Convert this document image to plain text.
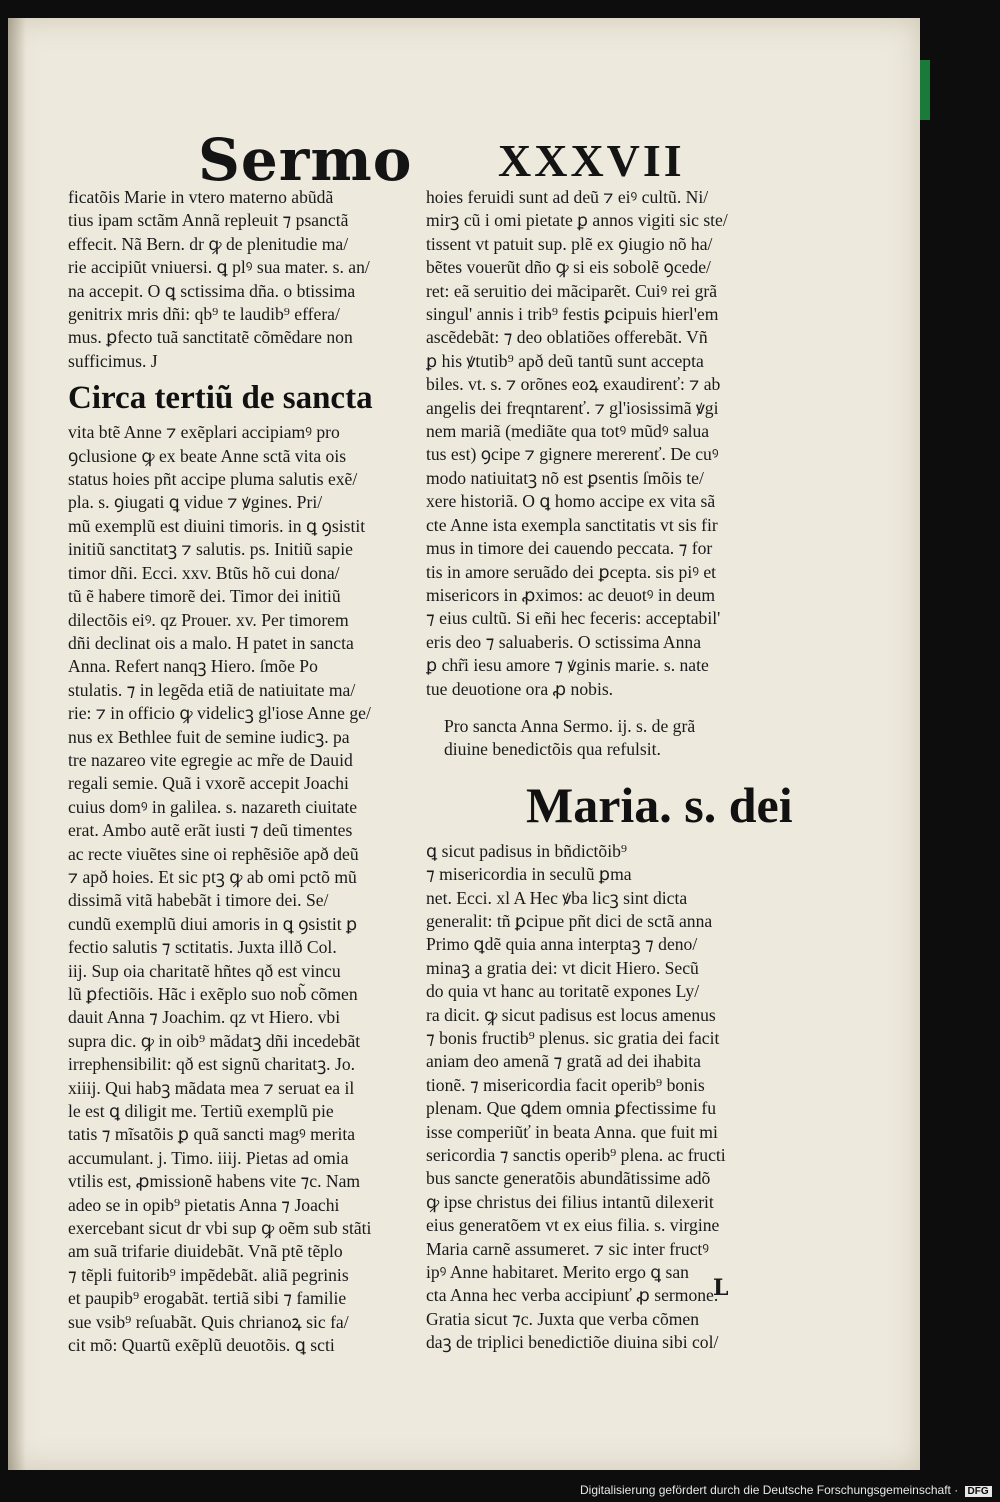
Sermo XXXVII
ficatõis Marie in vtero materno abũdã
tius ipam sctãm Annã repleuit ⁊ psanctã
effecit. Nã Bern. dr ꝙ de plenitudie ma/
rie accipiũt vniuersi. ꝗ plꝰ sua mater. s. an/
na accepit. O ꝗ sctissima dña. o btissima
genitrix mris dñi: qb⁹ te laudib⁹ effera/
mus. ꝑfecto tuã sanctitatẽ cõmẽdare non
sufficimus. J
Circa tertiũ de sancta
vita btẽ Anne ⁊ exẽplari accipiamꝰ pro
ꝯclusione ꝙ ex beate Anne sctã vita ois
status hoies pñt accipe pluma salutis exẽ/
pla. s. ꝯiugati ꝗ vidue ⁊ ꝟgines. Pri/
mũ exemplũ est diuini timoris. in ꝗ ꝯsistit
initiũ sanctitatꝫ ⁊ salutis. ps. Initiũ sapie
timor dñi. Ecci. xxv. Btũs hõ cui dona/
tũ ẽ habere timorẽ dei. Timor dei initiũ
dilectõis eiꝰ. qz Prouer. xv. Per timorem
dñi declinat ois a malo. H patet in sancta
Anna. Refert nanqꝫ Hiero. ſmõe Po
stulatis. ⁊ in legẽda etiã de natiuitate ma/
rie: ⁊ in officio ꝙ videlicꝫ gl'iose Anne ge/
nus ex Bethlee fuit de semine iudicꝫ. pa
tre nazareo vite egregie ac mr̃e de Dauid
regali semie. Quã i vxorẽ accepit Joachi
cuius domꝰ in galilea. s. nazareth ciuitate
erat. Ambo autẽ erãt iusti ⁊ deũ timentes
ac recte viuẽtes sine oi rephẽsiõe apð deũ
⁊ apð hoies. Et sic ptꝫ ꝙ ab omi pctõ mũ
dissimã vitã habebãt i timore dei. Se/
cundũ exemplũ diui amoris in ꝗ ꝯsistit ꝑ
fectio salutis ⁊ sctitatis. Juxta illð Col.
iij. Sup oia charitatẽ hñtes qð est vincu
lũ ꝑfectiõis. Hãc i exẽplo suo nob̃ cõmen
dauit Anna ⁊ Joachim. qz vt Hiero. vbi
supra dic. ꝙ in oib⁹ mãdatꝫ dñi incedebãt
irrephensibilit: qð est signũ charitatꝫ. Jo.
xiiij. Qui habꝫ mãdata mea ⁊ seruat ea il
le est ꝗ diligit me. Tertiũ exemplũ pie
tatis ⁊ mĩsatõis ꝑ quã sancti magꝰ merita
accumulant. j. Timo. iiij. Pietas ad omia
vtilis est, ꝓmissionẽ habens vite ⁊c. Nam
adeo se in opib⁹ pietatis Anna ⁊ Joachi
exercebant sicut dr vbi sup ꝙ oẽm sub stãti
am suã trifarie diuidebãt. Vnã ptẽ tẽplo
⁊ tẽpli fuitorib⁹ impẽdebãt. aliã pegrinis
et paupib⁹ erogabãt. tertiã sibi ⁊ familie
sue vsib⁹ reſuabãt. Quis chrianoꝝ sic fa/
cit mõ: Quartũ exẽplũ deuotõis. ꝗ scti
hoies feruidi sunt ad deũ ⁊ eiꝰ cultũ. Ni/
mirꝫ cũ i omi pietate ꝑ annos vigiti sic ste/
tissent vt patuit sup. plẽ ex ꝯiugio nõ ha/
bẽtes vouerũt dño ꝙ si eis sobolẽ ꝯcede/
ret: eã seruitio dei mãciparẽt. Cuiꝰ rei grã
singul' annis i trib⁹ festis ꝑcipuis hierl'em
ascẽdebãt: ⁊ deo oblatiões offerebãt. Vñ
ꝑ his ꝟtutib⁹ apð deũ tantũ sunt accepta
biles. vt. s. ⁊ orõnes eoꝝ exaudirenť: ⁊ ab
angelis dei freqntarenť. ⁊ gl'iosissimã ꝟgi
nem mariã (mediãte qua totꝰ mũdꝰ salua
tus est) ꝯcipe ⁊ gignere mererenť. De cuꝰ
modo natiuitatꝫ nõ est ꝑsentis ſmõis te/
xere historiã. O ꝗ homo accipe ex vita sã
cte Anne ista exempla sanctitatis vt sis fir
mus in timore dei cauendo peccata. ⁊ for
tis in amore seruãdo dei ꝑcepta. sis piꝰ et
misericors in ꝓximos: ac deuotꝰ in deum
⁊ eius cultũ. Si eñi hec feceris: acceptabil'
eris deo ⁊ saluaberis. O sctissima Anna
ꝑ chr̃i iesu amore ⁊ ꝟginis marie. s. nate
tue deuotione ora ꝓ nobis.
Pro sancta Anna Sermo. ij. s. de grã
diuine benedictõis qua refulsit.
Maria. s. dei
ꝗ sicut padisus in bñdictõib⁹
⁊ misericordia in seculũ ꝑma
net. Ecci. xl A Hec ꝟba licꝫ sint dicta
generalit: tñ ꝑcipue pñt dici de sctã anna
Primo ꝗdẽ quia anna interptaꝫ ⁊ deno/
minaꝫ a gratia dei: vt dicit Hiero. Secũ
do quia vt hanc au toritatẽ expones Ly/
ra dicit. ꝙ sicut padisus est locus amenus
⁊ bonis fructib⁹ plenus. sic gratia dei facit
aniam deo amenã ⁊ gratã ad dei ihabita
tionẽ. ⁊ misericordia facit operib⁹ bonis
plenam. Que ꝗdem omnia ꝑfectissime fu
isse comperiũť in beata Anna. que fuit mi
sericordia ⁊ sanctis operib⁹ plena. ac fructi
bus sancte generatõis abundãtissime adõ
ꝙ ipse christus dei filius intantũ dilexerit
eius generatõem vt ex eius filia. s. virgine
Maria carnẽ assumeret. ⁊ sic inter fructꝰ
ipꝰ Anne habitaret. Merito ergo ꝗ san
cta Anna hec verba accipiunť ꝓ sermone.
Gratia sicut ⁊c. Juxta que verba cõmen
daꝫ de triplici benedictiõe diuina sibi col/
L
Digitalisierung gefördert durch die Deutsche Forschungsgemeinschaft · DFG
